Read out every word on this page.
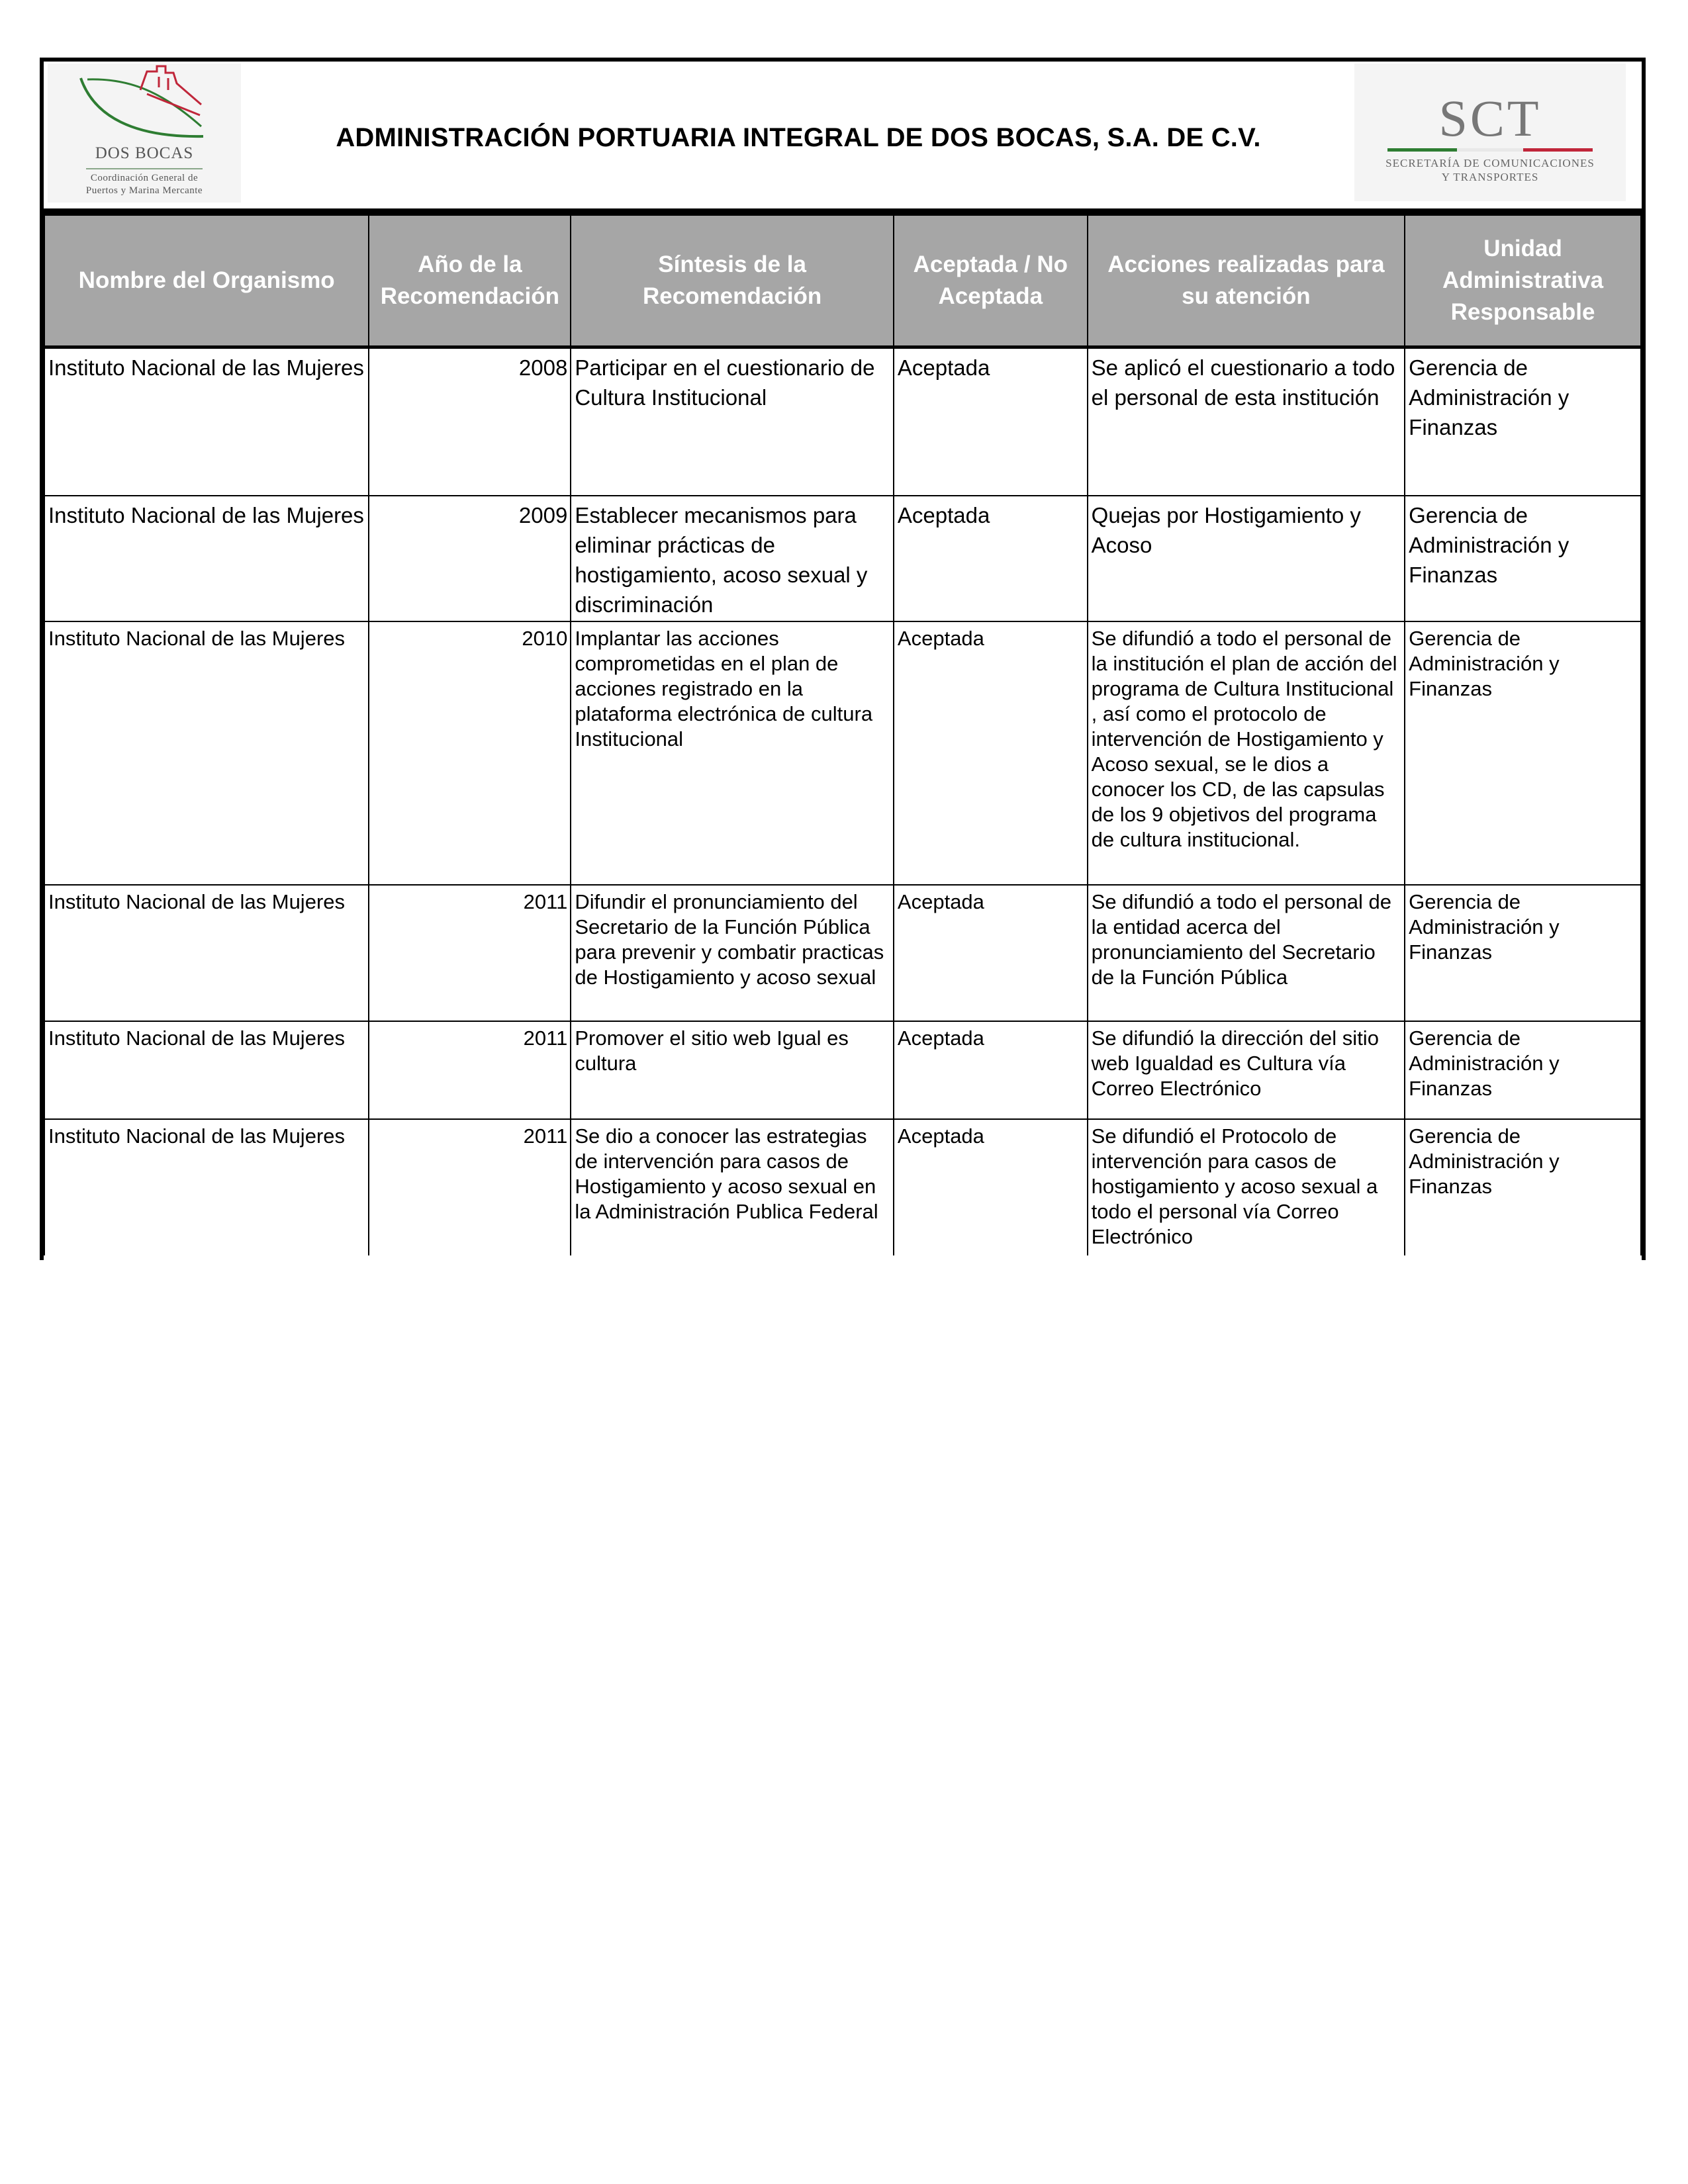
DOS BOCAS
Coordinación General de
Puertos y Marina Mercante
ADMINISTRACIÓN PORTUARIA INTEGRAL DE DOS BOCAS, S.A. DE C.V.	SCT
SECRETARÍA DE COMUNICACIONES
Y TRANSPORTES
Nombre del Organismo	Año de la Recomendación	Síntesis de la Recomendación	Aceptada / No Aceptada	Acciones realizadas para su atención	Unidad Administrativa Responsable
Instituto Nacional de las Mujeres	2008	Participar en el cuestionario de Cultura Institucional	Aceptada	Se aplicó el cuestionario a todo el personal de esta institución	Gerencia de Administración y Finanzas
Instituto Nacional de las Mujeres	2009	Establecer mecanismos para eliminar prácticas de hostigamiento, acoso sexual y discriminación	Aceptada	Quejas por Hostigamiento y Acoso	Gerencia de Administración y Finanzas
Instituto Nacional de las Mujeres	2010	Implantar las acciones comprometidas en el plan de acciones registrado en la plataforma electrónica de cultura Institucional	Aceptada	Se difundió a todo el personal de la institución el plan de acción del programa de Cultura Institucional , así como el protocolo de intervención de Hostigamiento y Acoso sexual, se le dios a conocer los CD, de las capsulas de los 9 objetivos del programa de cultura institucional.	Gerencia de Administración y Finanzas
Instituto Nacional de las Mujeres	2011	Difundir el pronunciamiento del Secretario de la Función Pública para prevenir y combatir practicas de Hostigamiento y acoso sexual	Aceptada	Se difundió a todo el personal de la entidad acerca del pronunciamiento del Secretario de la Función Pública	Gerencia de Administración y Finanzas
Instituto Nacional de las Mujeres	2011	Promover el sitio web Igual es cultura	Aceptada	Se difundió la dirección del sitio web Igualdad es Cultura vía Correo Electrónico	Gerencia de Administración y Finanzas
Instituto Nacional de las Mujeres	2011	Se dio a conocer las estrategias de intervención para casos de Hostigamiento y acoso sexual en la Administración Publica Federal	Aceptada	Se difundió el Protocolo de intervención para casos de hostigamiento y acoso sexual a todo el personal vía Correo Electrónico	Gerencia de Administración y Finanzas
